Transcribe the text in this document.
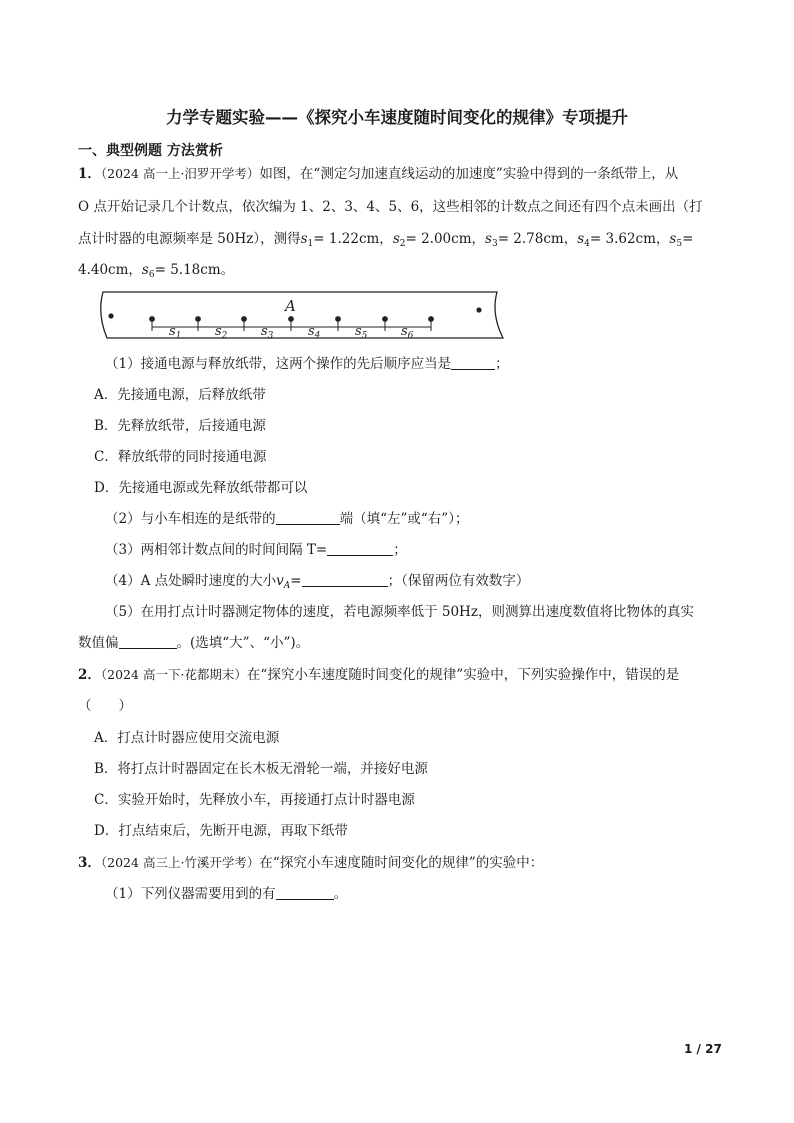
力学专题实验——《探究小车速度随时间变化的规律》专项提升
一、典型例题 方法赏析
1．（2024 高一上·汨罗开学考）如图，在“测定匀加速直线运动的加速度”实验中得到的一条纸带上，从
O 点开始记录几个计数点，依次编为 1、2、3、4、5、6，这些相邻的计数点之间还有四个点未画出（打
点计时器的电源频率是 50Hz），测得$s_1= 1.22cm$，$s_2= 2.00cm$，$s_3= 2.78cm$，$s_4= 3.62cm$，$s_5=$
4.40cm，$s_6= 5.18cm$。
$s_1$	$s_2$	$s_3$	$s_4$	$s_5$	$s_6$
A
（1）接通电源与释放纸带，这两个操作的先后顺序应当是	；
A．先接通电源，后释放纸带
B．先释放纸带，后接通电源
C．释放纸带的同时接通电源
D．先接通电源或先释放纸带都可以
（2）与小车相连的是纸带的	端（填“左”或“右”）；
（3）两相邻计数点间的时间间隔 T=	；
（4）A 点处瞬时速度的大小$v_A=$	；（保留两位有效数字）
（5）在用打点计时器测定物体的速度，若电源频率低于 50Hz，则测算出速度数值将比物体的真实
数值偏	。(选填“大”、“小”)。
2．（2024 高一下·花都期末）在“探究小车速度随时间变化的规律”实验中，下列实验操作中，错误的是
（　　）
A．打点计时器应使用交流电源
B．将打点计时器固定在长木板无滑轮一端，并接好电源
C．实验开始时，先释放小车，再接通打点计时器电源
D．打点结束后，先断开电源，再取下纸带
3．（2024 高三上·竹溪开学考）在“探究小车速度随时间变化的规律”的实验中：
（1）下列仪器需要用到的有	。
1 / 27
